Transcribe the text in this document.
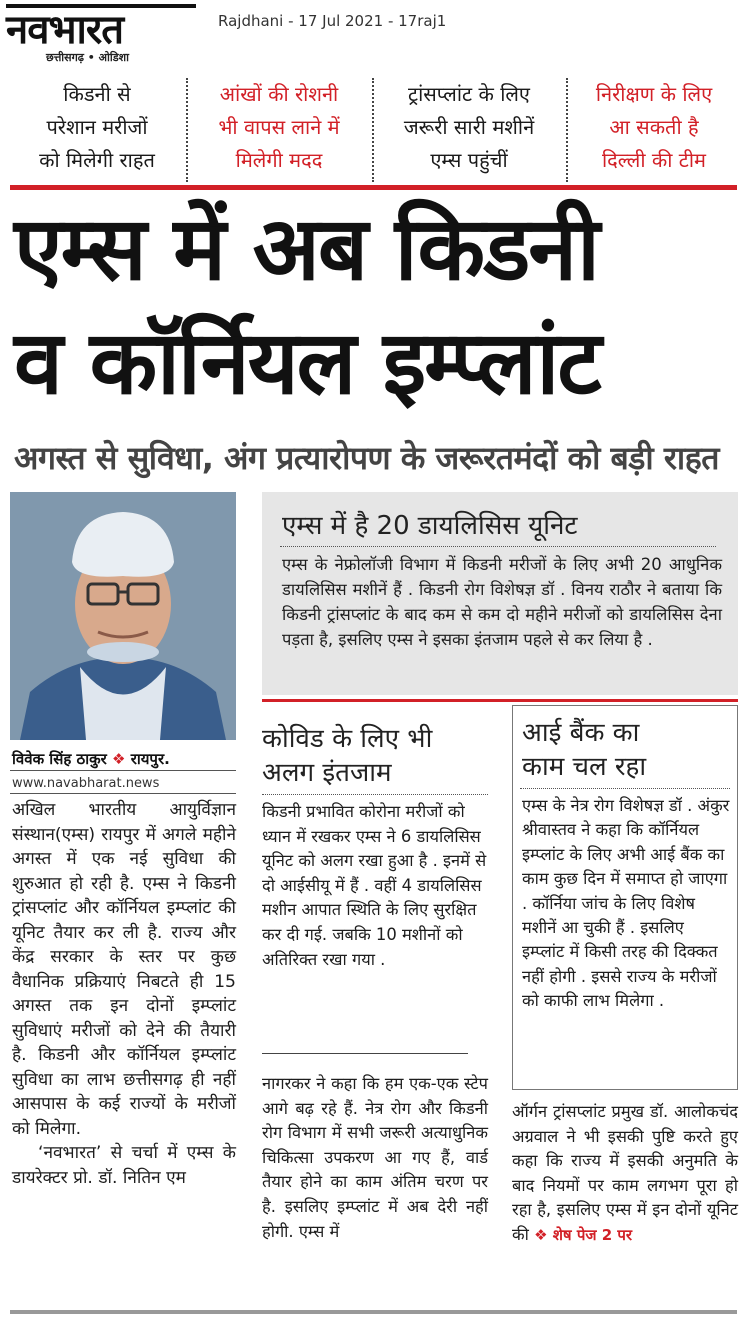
नवभारत
छत्तीसगढ़ • ओडिशा
Rajdhani - 17 Jul 2021 - 17raj1
किडनी से
परेशान मरीजों
को मिलेगी राहत
आंखों की रोशनी
भी वापस लाने में
मिलेगी मदद
ट्रांसप्लांट के लिए
जरूरी सारी मशीनें
एम्स पहुंचीं
निरीक्षण के लिए
आ सकती है
दिल्ली की टीम
एम्स में अब किडनी
व कॉर्नियल इम्प्लांट
अगस्त से सुविधा, अंग प्रत्यारोपण के जरूरतमंदों को बड़ी राहत
विवेक सिंह ठाकुर ❖ रायपुर.
www.navabharat.news

अखिल भारतीय आयुर्विज्ञान संस्थान(एम्स) रायपुर में अगले महीने अगस्त में एक नई सुविधा की शुरुआत हो रही है. एम्स ने किडनी ट्रांसप्लांट और कॉर्नियल इम्प्लांट की यूनिट तैयार कर ली है. राज्य और केंद्र सरकार के स्तर पर कुछ वैधानिक प्रक्रियाएं निबटते ही 15 अगस्त तक इन दोनों इम्प्लांट सुविधाएं मरीजों को देने की तैयारी है. किडनी और कॉर्नियल इम्प्लांट सुविधा का लाभ छत्तीसगढ़ ही नहीं आसपास के कई राज्यों के मरीजों को मिलेगा.

‘नवभारत’ से चर्चा में एम्स के डायरेक्टर प्रो. डॉ. नितिन एम

एम्स में है 20 डायलिसिस यूनिट
एम्स के नेफ्रोलॉजी विभाग में किडनी मरीजों के लिए अभी 20 आधुनिक डायलिसिस मशीनें हैं . किडनी रोग विशेषज्ञ डॉ . विनय राठौर ने बताया कि किडनी ट्रांसप्लांट के बाद कम से कम दो महीने मरीजों को डायलिसिस देना पड़ता है, इसलिए एम्स ने इसका इंतजाम पहले से कर लिया है .
कोविड के लिए भी
अलग इंतजाम
किडनी प्रभावित कोरोना मरीजों को ध्यान में रखकर एम्स ने 6 डायलिसिस यूनिट को अलग रखा हुआ है . इनमें से दो आईसीयू में हैं . वहीं 4 डायलिसिस मशीन आपात स्थिति के लिए सुरक्षित कर दी गई. जबकि 10 मशीनों को अतिरिक्त रखा गया .
आई बैंक का
काम चल रहा
एम्स के नेत्र रोग विशेषज्ञ डॉ . अंकुर श्रीवास्तव ने कहा कि कॉर्नियल इम्प्लांट के लिए अभी आई बैंक का काम कुछ दिन में समाप्त हो जाएगा . कॉर्निया जांच के लिए विशेष मशीनें आ चुकी हैं . इसलिए इम्प्लांट में किसी तरह की दिक्कत नहीं होगी . इससे राज्य के मरीजों को काफी लाभ मिलेगा .
नागरकर ने कहा कि हम एक-एक स्टेप आगे बढ़ रहे हैं. नेत्र रोग और किडनी रोग विभाग में सभी जरूरी अत्याधुनिक चिकित्सा उपकरण आ गए हैं, वार्ड तैयार होने का काम अंतिम चरण पर है. इसलिए इम्प्लांट में अब देरी नहीं होगी. एम्स में
ऑर्गन ट्रांसप्लांट प्रमुख डॉ. आलोकचंद अग्रवाल ने भी इसकी पुष्टि करते हुए कहा कि राज्य में इसकी अनुमति के बाद नियमों पर काम लगभग पूरा हो रहा है, इसलिए एम्स में इन दोनों यूनिट की ❖ शेष पेज 2 पर
